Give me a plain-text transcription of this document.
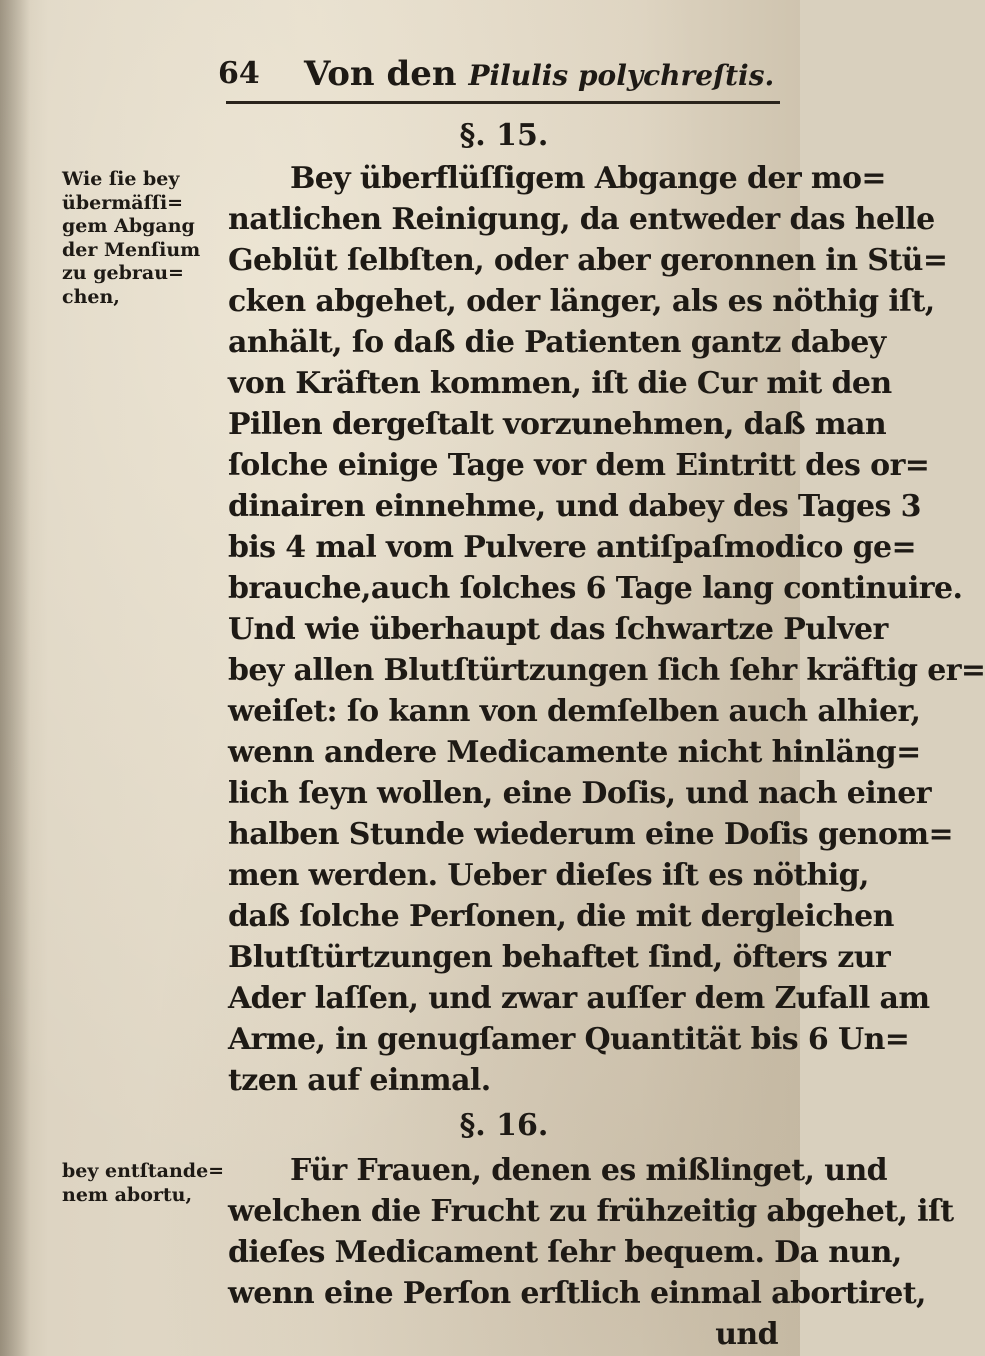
64 Von den Pilulis polychreſtis.
§. 15.
Wie ſie bey
übermäſſi=
gem Abgang
der Menſium
zu gebrau=
chen,
Bey überflüſſigem Abgange der mo=
natlichen Reinigung, da entweder das helle
Geblüt ſelbſten, oder aber geronnen in Stü=
cken abgehet, oder länger, als es nöthig iſt,
anhält, ſo daß die Patienten gantz dabey
von Kräften kommen, iſt die Cur mit den
Pillen dergeſtalt vorzunehmen, daß man
ſolche einige Tage vor dem Eintritt des or=
dinairen einnehme, und dabey des Tages 3
bis 4 mal vom Pulvere antiſpaſmodico ge=
brauche,auch ſolches 6 Tage lang continuire.
Und wie überhaupt das ſchwartze Pulver
bey allen Blutſtürtzungen ſich ſehr kräftig er=
weiſet: ſo kann von demſelben auch alhier,
wenn andere Medicamente nicht hinläng=
lich ſeyn wollen, eine Doſis, und nach einer
halben Stunde wiederum eine Doſis genom=
men werden. Ueber dieſes iſt es nöthig,
daß ſolche Perſonen, die mit dergleichen
Blutſtürtzungen behaftet ſind, öfters zur
Ader laſſen, und zwar auſſer dem Zufall am
Arme, in genugſamer Quantität bis 6 Un=
tzen auf einmal.
§. 16.
bey entſtande=
nem abortu,
Für Frauen, denen es mißlinget, und
welchen die Frucht zu frühzeitig abgehet, iſt
dieſes Medicament ſehr bequem. Da nun,
wenn eine Perſon erſtlich einmal abortiret,
und
